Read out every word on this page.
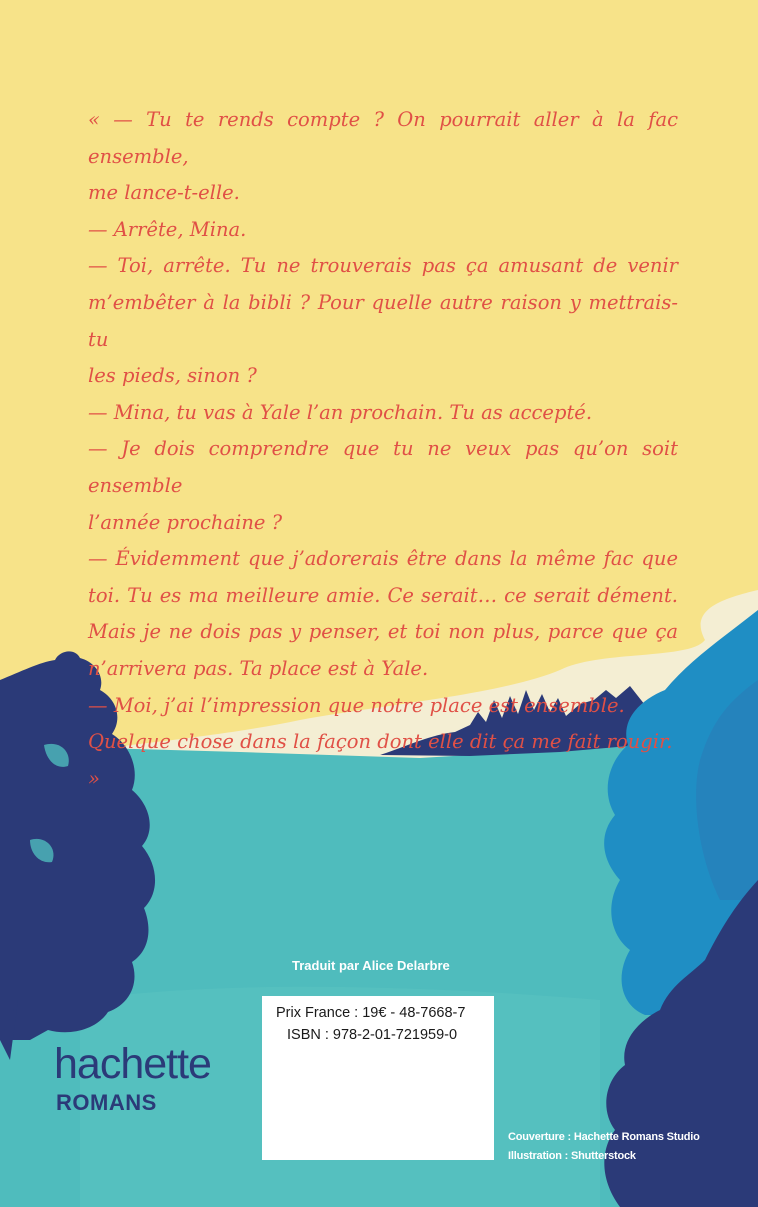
« — Tu te rends compte ? On pourrait aller à la fac ensemble,

me lance-t-elle.

— Arrête, Mina.

— Toi, arrête. Tu ne trouverais pas ça amusant de venir

m’embêter à la bibli ? Pour quelle autre raison y mettrais-tu

les pieds, sinon ?

— Mina, tu vas à Yale l’an prochain. Tu as accepté.

— Je dois comprendre que tu ne veux pas qu’on soit ensemble

l’année prochaine ?

— Évidemment que j’adorerais être dans la même fac que

toi. Tu es ma meilleure amie. Ce serait… ce serait dément.

Mais je ne dois pas y penser, et toi non plus, parce que ça

n’arrivera pas. Ta place est à Yale.

— Moi, j’ai l’impression que notre place est ensemble.

Quelque chose dans la façon dont elle dit ça me fait rougir. »

Traduit par Alice Delarbre
Prix France : 19€ - 48-7668-7
ISBN : 978-2-01-721959-0
hachette
ROMANS
Couverture : Hachette Romans Studio
Illustration : Shutterstock
